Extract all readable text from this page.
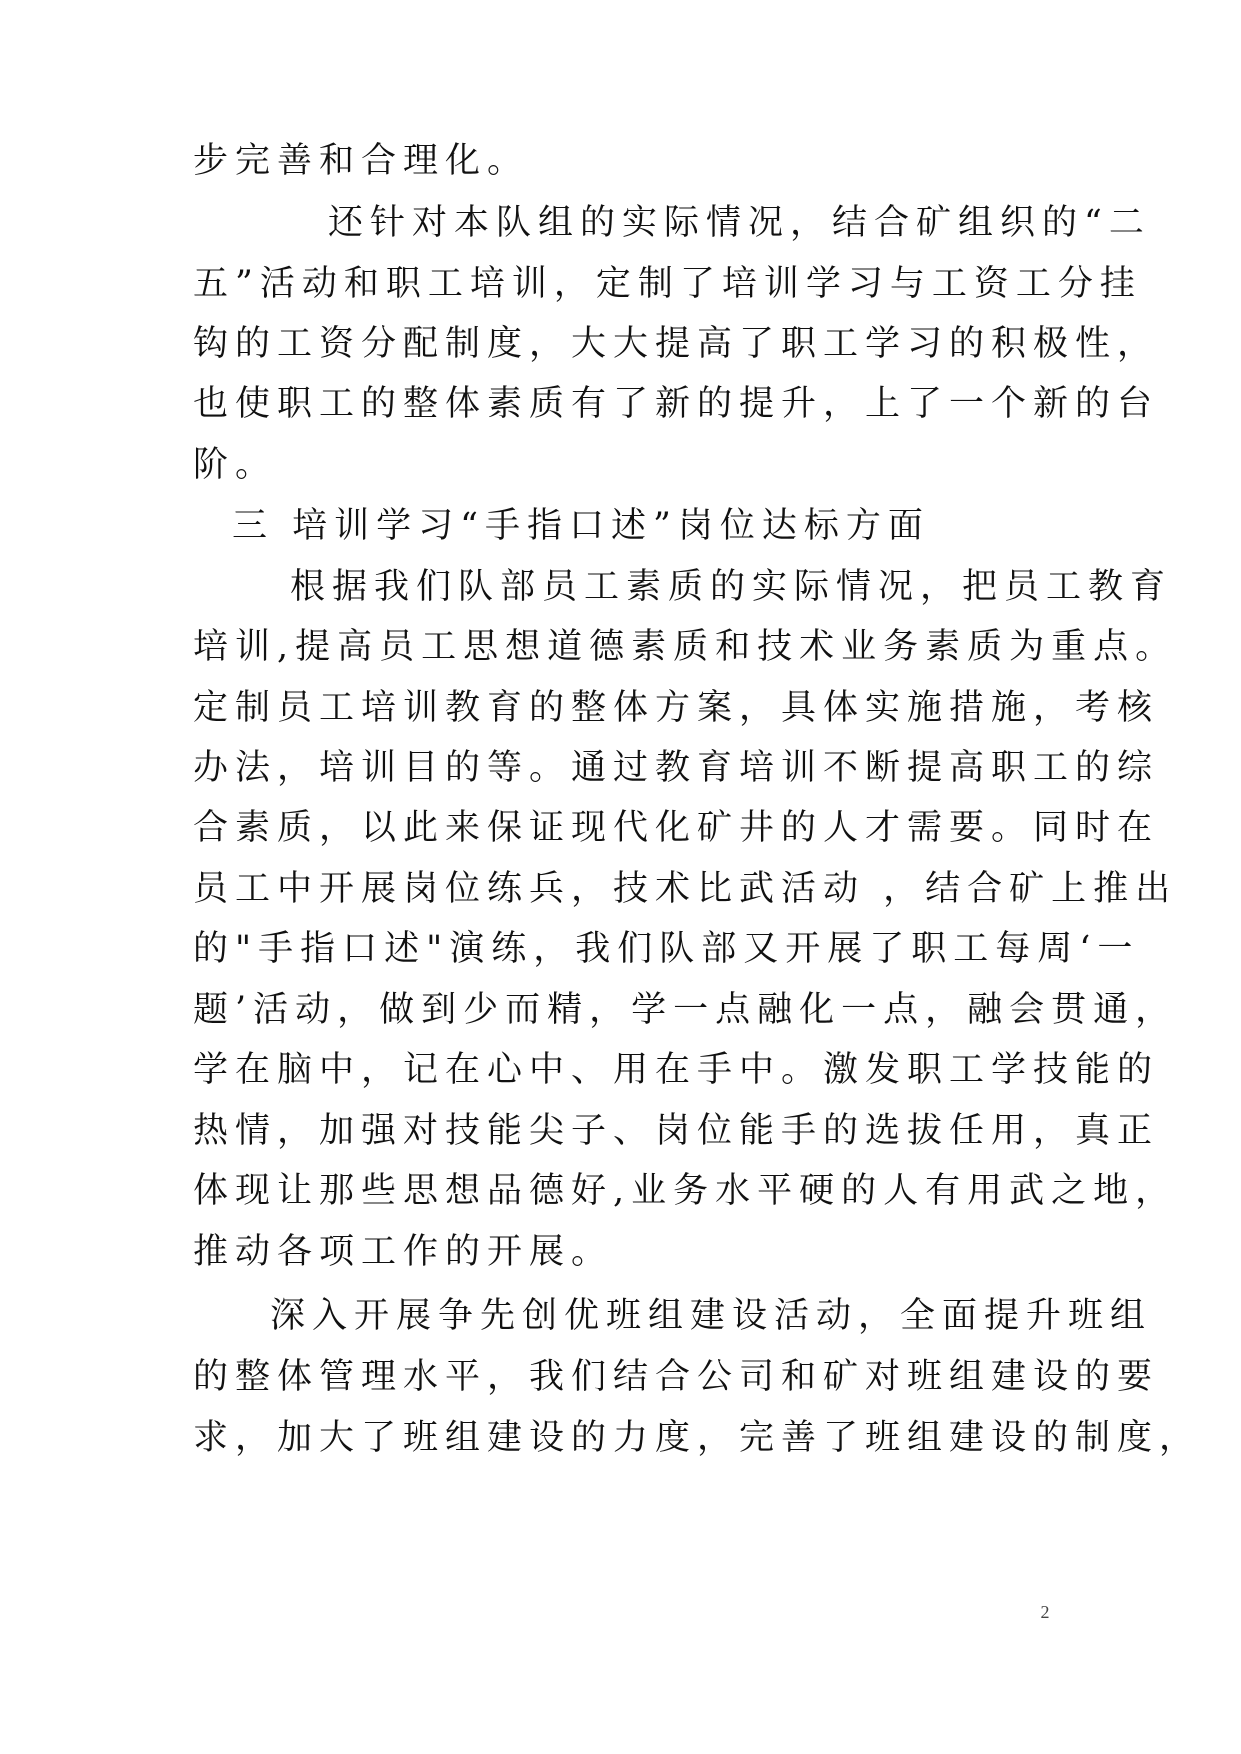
步完善和合理化。
还针对本队组的实际情况，结合矿组织的“二
五”活动和职工培训，定制了培训学习与工资工分挂
钩的工资分配制度，大大提高了职工学习的积极性，
也使职工的整体素质有了新的提升，上了一个新的台
阶。
三 培训学习“手指口述”岗位达标方面
根据我们队部员工素质的实际情况，把员工教育
培训,提高员工思想道德素质和技术业务素质为重点。
定制员工培训教育的整体方案，具体实施措施，考核
办法，培训目的等。通过教育培训不断提高职工的综
合素质，以此来保证现代化矿井的人才需要。同时在
员工中开展岗位练兵，技术比武活动 ，结合矿上推出
的"手指口述"演练，我们队部又开展了职工每周‘一
题’活动，做到少而精，学一点融化一点，融会贯通，
学在脑中，记在心中、用在手中。激发职工学技能的
热情，加强对技能尖子、岗位能手的选拔任用，真正
体现让那些思想品德好,业务水平硬的人有用武之地，
推动各项工作的开展。
深入开展争先创优班组建设活动，全面提升班组
的整体管理水平，我们结合公司和矿对班组建设的要
求，加大了班组建设的力度，完善了班组建设的制度，
2
